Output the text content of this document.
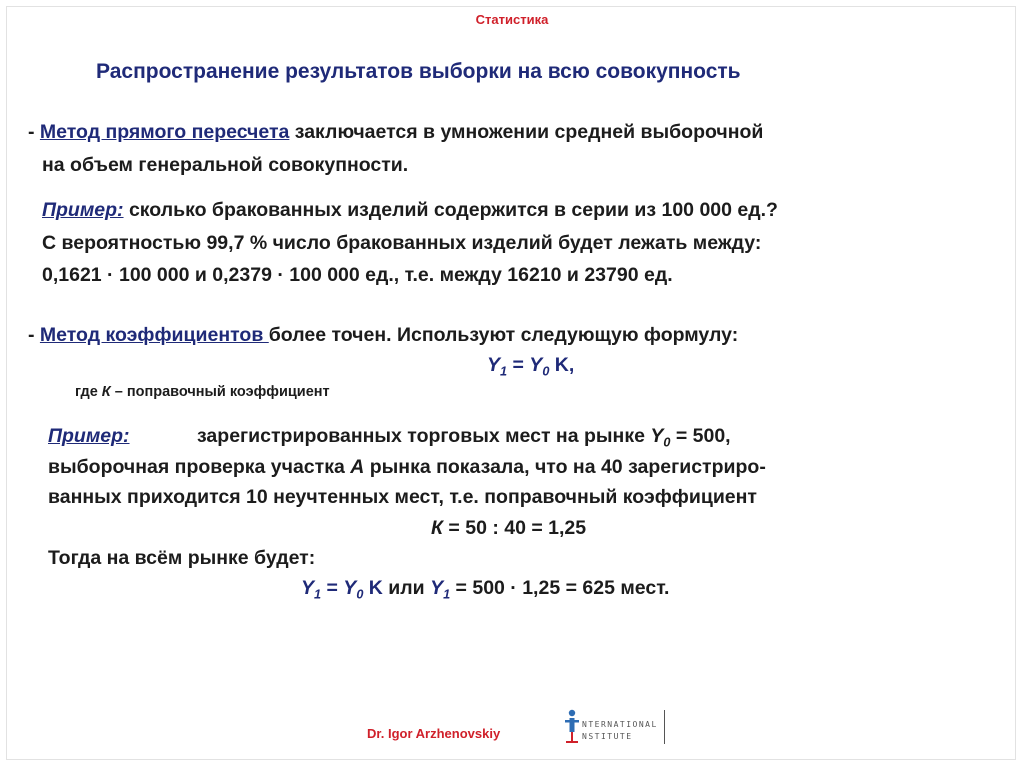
Статистика
Распространение результатов выборки на всю совокупность
- Метод прямого пересчета заключается в умножении средней выборочной
на объем генеральной совокупности.
Пример: сколько бракованных изделий содержится в серии из 100 000 ед.?
С вероятностью 99,7 % число бракованных изделий будет лежать между:
0,1621 · 100 000 и 0,2379 · 100 000 ед., т.е. между 16210 и 23790 ед.
- Метод коэффициентов более точен. Используют следующую формулу:
$Y_1 = Y_0$ K,
где К – поправочный коэффициент
Пример:	зарегистрированных торговых мест на рынке $Y_0 = 500$,
выборочная проверка участка А рынка показала, что на 40 зарегистриро-
ванных приходится 10 неучтенных мест, т.е. поправочный коэффициент
К = 50 : 40 = 1,25
Тогда на всём рынке будет:
$Y_1 = Y_0$ K или $Y_1 = 500 \cdot 1,25 = 625$ мест.
Dr. Igor Arzhenovskiy
NTERNATIONAL
NSTITUTE
